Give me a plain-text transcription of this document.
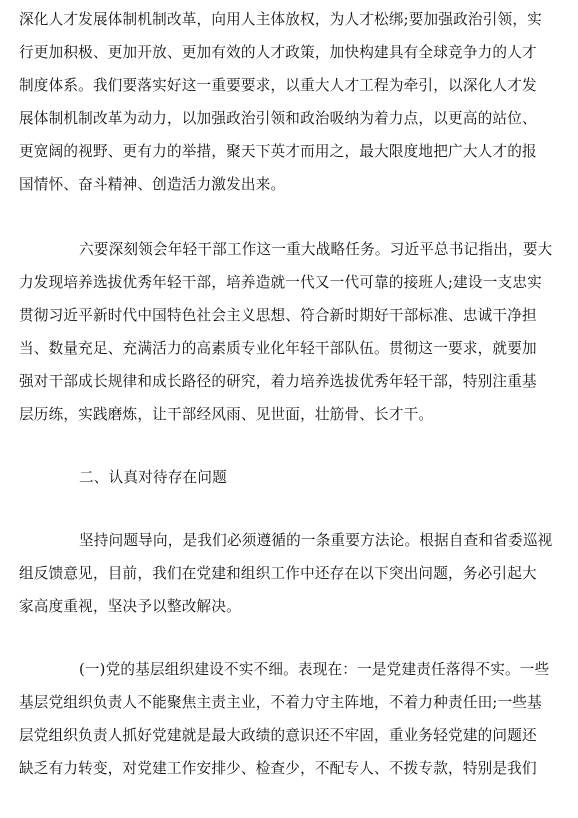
深化人才发展体制机制改革，向用人主体放权，为人才松绑;要加强政治引领，实
行更加积极、更加开放、更加有效的人才政策，加快构建具有全球竞争力的人才
制度体系。我们要落实好这一重要要求，以重大人才工程为牵引，以深化人才发
展体制机制改革为动力，以加强政治引领和政治吸纳为着力点，以更高的站位、
更宽阔的视野、更有力的举措，聚天下英才而用之，最大限度地把广大人才的报
国情怀、奋斗精神、创造活力激发出来。
六要深刻领会年轻干部工作这一重大战略任务。习近平总书记指出，要大
力发现培养选拔优秀年轻干部，培养造就一代又一代可靠的接班人;建设一支忠实
贯彻习近平新时代中国特色社会主义思想、符合新时期好干部标准、忠诚干净担
当、数量充足、充满活力的高素质专业化年轻干部队伍。贯彻这一要求，就要加
强对干部成长规律和成长路径的研究，着力培养选拔优秀年轻干部，特别注重基
层历练，实践磨炼，让干部经风雨、见世面，壮筋骨、长才干。
二、认真对待存在问题
坚持问题导向，是我们必须遵循的一条重要方法论。根据自查和省委巡视
组反馈意见，目前，我们在党建和组织工作中还存在以下突出问题，务必引起大
家高度重视，坚决予以整改解决。
(一)党的基层组织建设不实不细。表现在：一是党建责任落得不实。一些
基层党组织负责人不能聚焦主责主业，不着力守主阵地，不着力种责任田;一些基
层党组织负责人抓好党建就是最大政绩的意识还不牢固，重业务轻党建的问题还
缺乏有力转变，对党建工作安排少、检查少，不配专人、不拨专款，特别是我们
